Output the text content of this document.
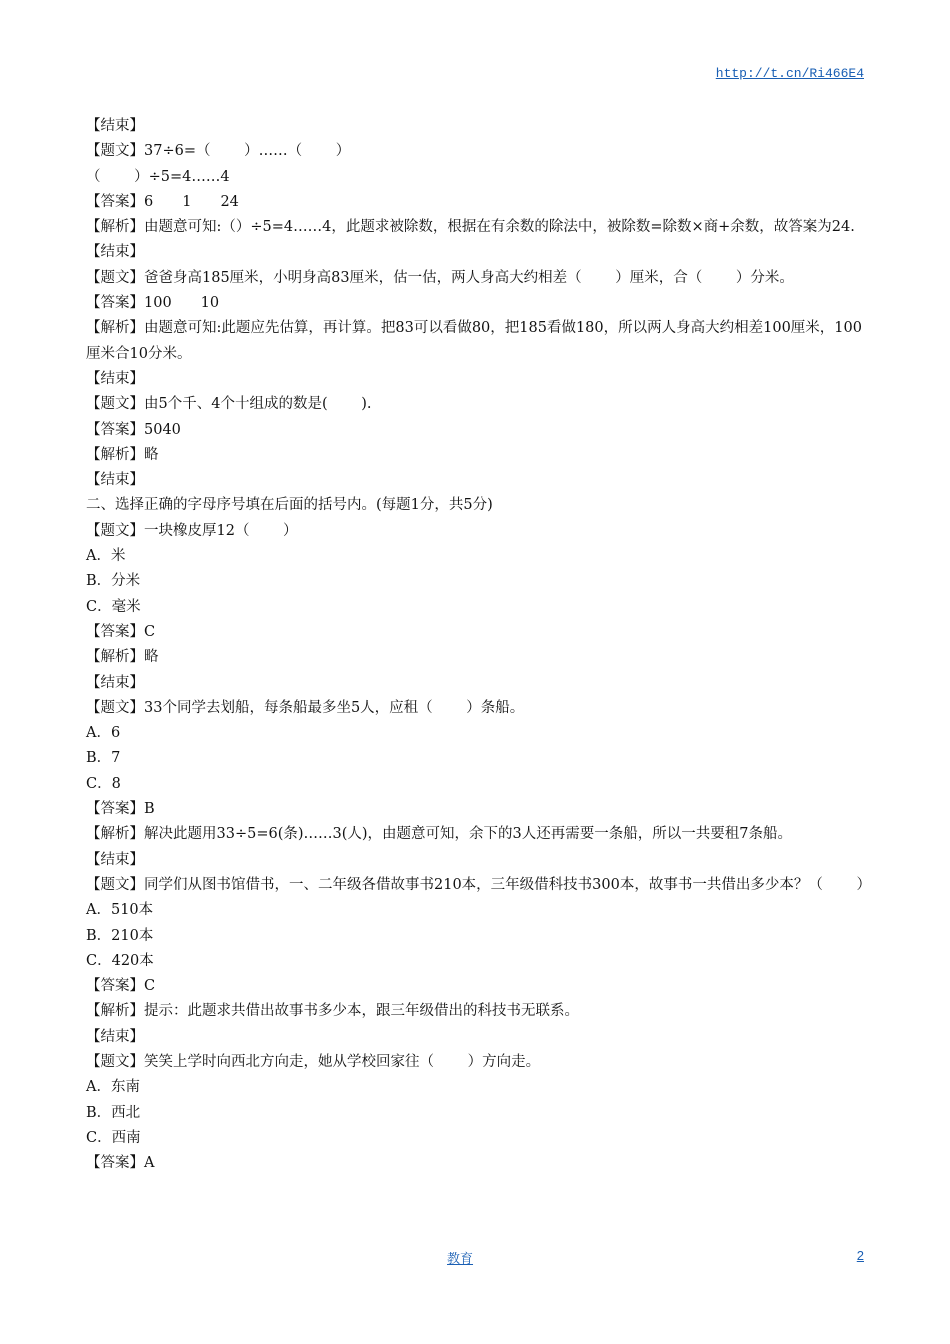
http://t.cn/Ri466E4
【结束】
【题文】37÷6=（　　 ）……（　　 ）
（　　 ）÷5=4……4
【答案】6　　1　　24
【解析】由题意可知:（）÷5=4……4，此题求被除数，根据在有余数的除法中，被除数=除数×商+余数，故答案为24.
【结束】
【题文】爸爸身高185厘米，小明身高83厘米，估一估，两人身高大约相差（　　 ）厘米，合（　　 ）分米。
【答案】100　　10
【解析】由题意可知:此题应先估算，再计算。把83可以看做80，把185看做180，所以两人身高大约相差100厘米，100厘米合10分米。
【结束】
【题文】由5个千、4个十组成的数是(　　 ).
【答案】5040
【解析】略
【结束】
二、选择正确的字母序号填在后面的括号内。(每题1分，共5分)
【题文】一块橡皮厚12（　　 ）
A．米
B．分米
C．毫米
【答案】C
【解析】略
【结束】
【题文】33个同学去划船，每条船最多坐5人，应租（　　 ）条船。
A．6
B．7
C．8
【答案】B
【解析】解决此题用33÷5=6(条)……3(人)，由题意可知，余下的3人还再需要一条船，所以一共要租7条船。
【结束】
【题文】同学们从图书馆借书，一、二年级各借故事书210本，三年级借科技书300本，故事书一共借出多少本？（　　 ）
A．510本
B．210本
C．420本
【答案】C
【解析】提示：此题求共借出故事书多少本，跟三年级借出的科技书无联系。
【结束】
【题文】笑笑上学时向西北方向走，她从学校回家往（　　 ）方向走。
A．东南
B．西北
C．西南
【答案】A
教育	2
